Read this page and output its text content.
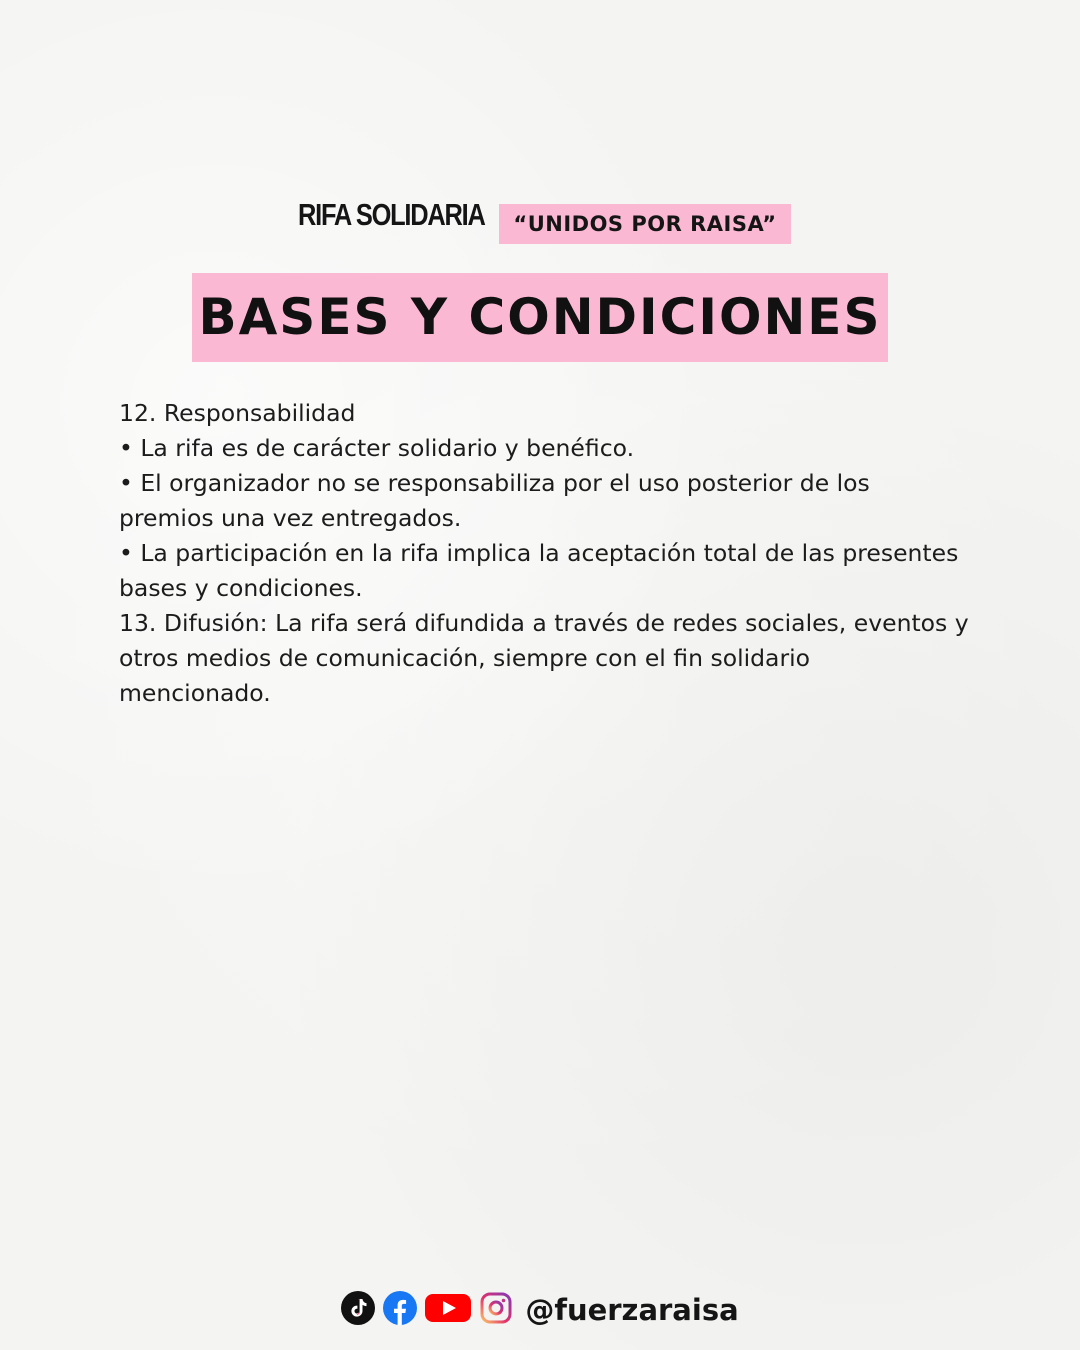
RIFA SOLIDARIA	“UNIDOS POR RAISA”
BASES Y CONDICIONES

12. Responsabilidad

• La rifa es de carácter solidario y benéfico.

• El organizador no se responsabiliza por el uso posterior de los premios una vez entregados.

• La participación en la rifa implica la aceptación total de las presentes bases y condiciones.

13. Difusión: La rifa será difundida a través de redes sociales, eventos y otros medios de comunicación, siempre con el fin solidario mencionado.

@fuerzaraisa
